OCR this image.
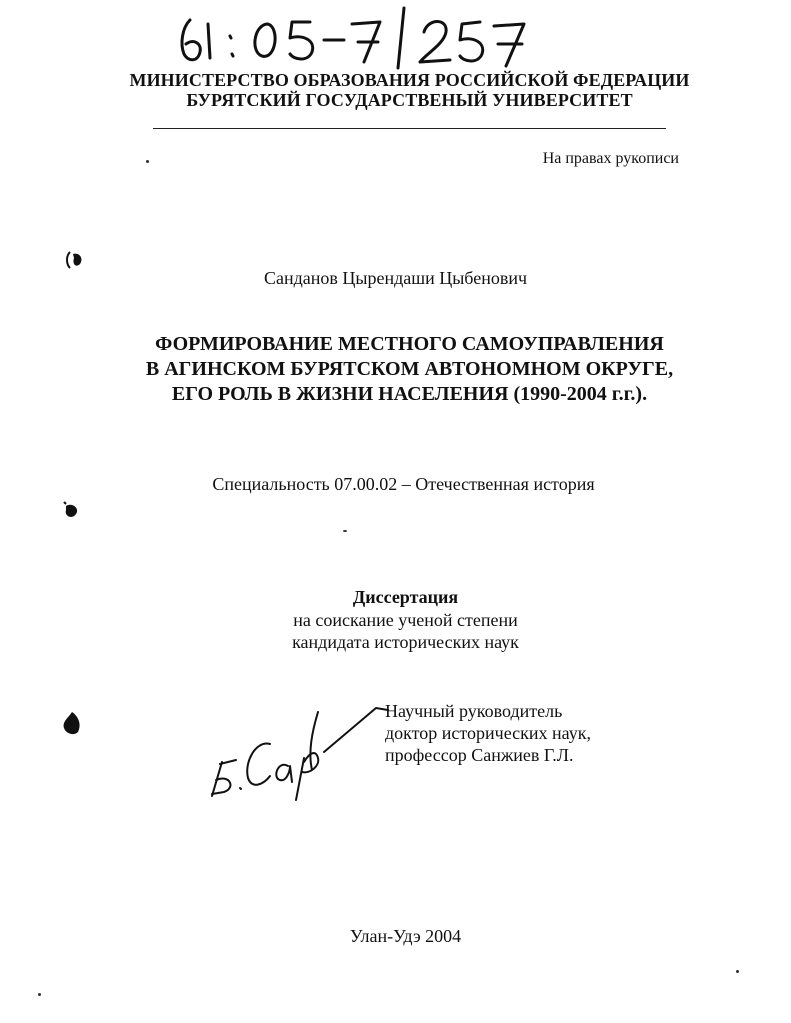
МИНИСТЕРСТВО ОБРАЗОВАНИЯ РОССИЙСКОЙ ФЕДЕРАЦИИ
БУРЯТСКИЙ ГОСУДАРСТВЕНЫЙ УНИВЕРСИТЕТ
На правах рукописи
Санданов Цырендаши Цыбенович
ФОРМИРОВАНИЕ МЕСТНОГО САМОУПРАВЛЕНИЯ
В АГИНСКОМ БУРЯТСКОМ АВТОНОМНОМ ОКРУГЕ,
ЕГО РОЛЬ В ЖИЗНИ НАСЕЛЕНИЯ (1990-2004 г.г.).
Специальность 07.00.02 – Отечественная история
Диссертация
на соискание ученой степени
кандидата исторических наук
Научный руководитель
доктор исторических наук,
профессор Санжиев Г.Л.
Улан-Удэ 2004
